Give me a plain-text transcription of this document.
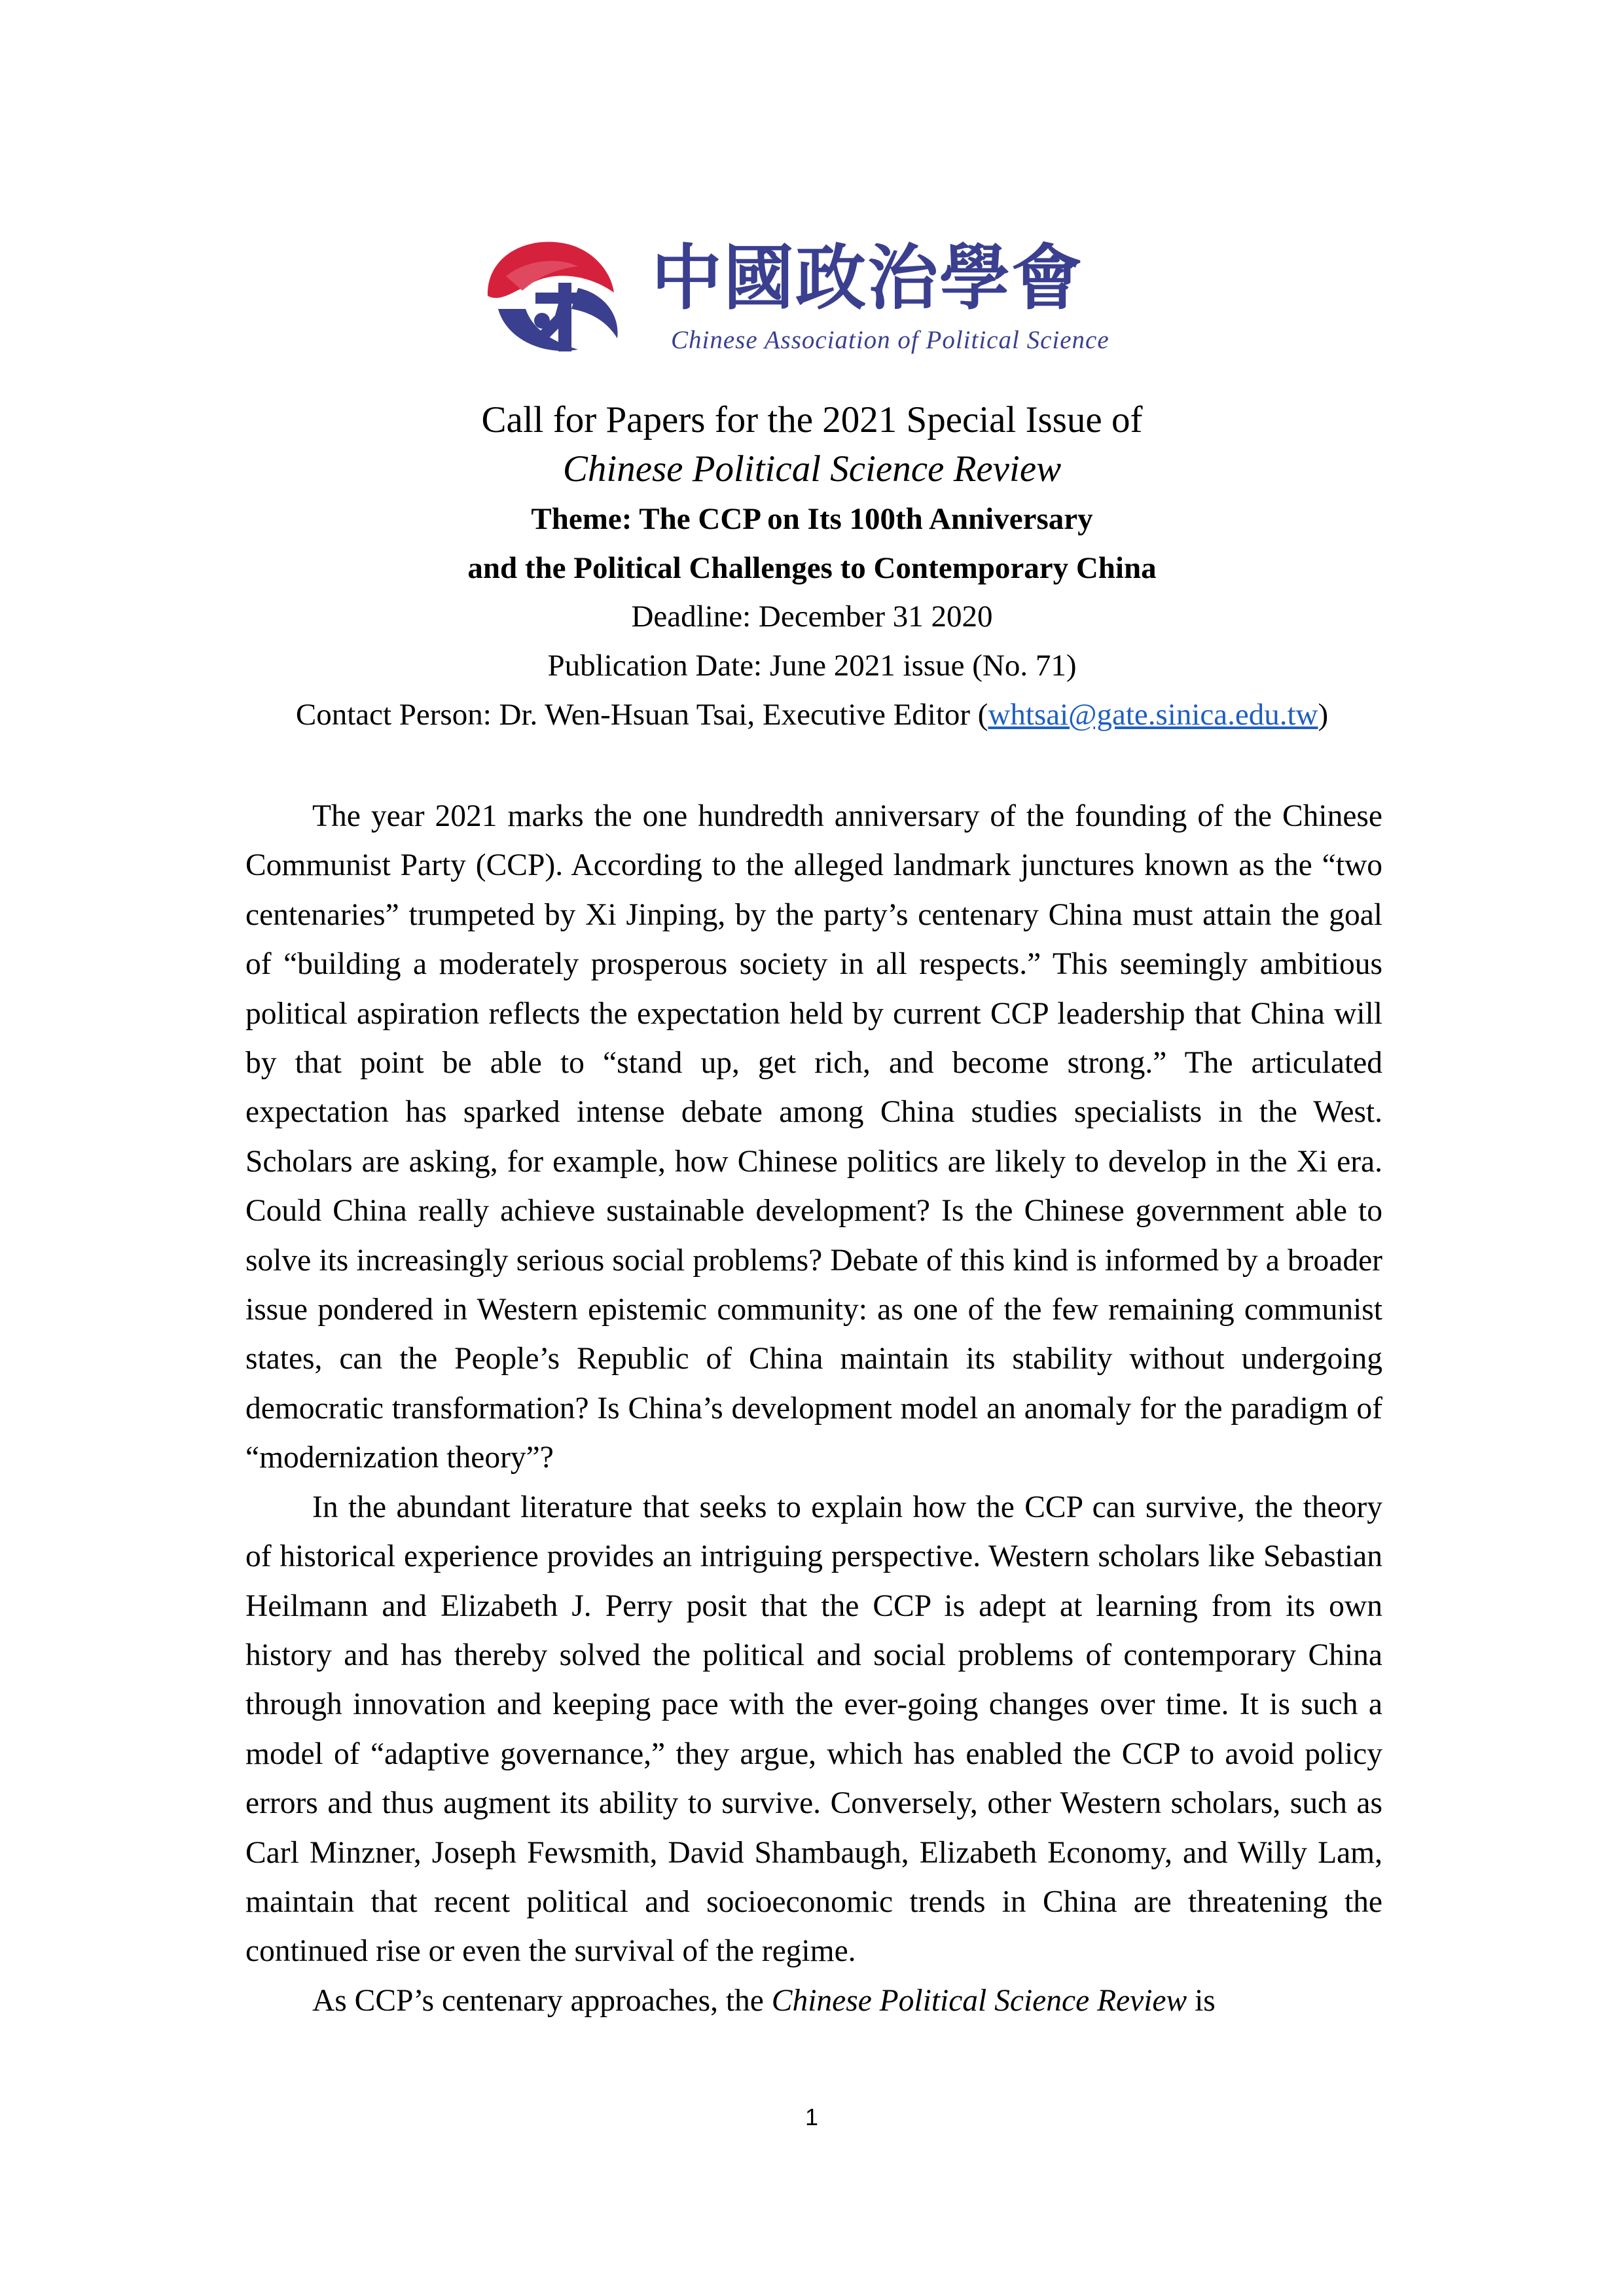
中國政治學會
Chinese Association of Political Science
Call for Papers for the 2021 Special Issue of
Chinese Political Science Review
Theme: The CCP on Its 100th Anniversary
and the Political Challenges to Contemporary China
Deadline: December 31 2020
Publication Date: June 2021 issue (No. 71)
Contact Person: Dr. Wen-Hsuan Tsai, Executive Editor (whtsai@gate.sinica.edu.tw)

The year 2021 marks the one hundredth anniversary of the founding of the Chinese Communist Party (CCP). According to the alleged landmark junctures known as the “two centenaries” trumpeted by Xi Jinping, by the party’s centenary China must attain the goal of “building a moderately prosperous society in all respects.” This seemingly ambitious political aspiration reflects the expectation held by current CCP leadership that China will by that point be able to “stand up, get rich, and become strong.” The articulated expectation has sparked intense debate among China studies specialists in the West. Scholars are asking, for example, how Chinese politics are likely to develop in the Xi era. Could China really achieve sustainable development? Is the Chinese government able to solve its increasingly serious social problems? Debate of this kind is informed by a broader issue pondered in Western epistemic community: as one of the few remaining communist states, can the People’s Republic of China maintain its stability without undergoing democratic transformation? Is China’s development model an anomaly for the paradigm of “modernization theory”?

In the abundant literature that seeks to explain how the CCP can survive, the theory of historical experience provides an intriguing perspective. Western scholars like Sebastian Heilmann and Elizabeth J. Perry posit that the CCP is adept at learning from its own history and has thereby solved the political and social problems of contemporary China through innovation and keeping pace with the ever-going changes over time. It is such a model of “adaptive governance,” they argue, which has enabled the CCP to avoid policy errors and thus augment its ability to survive. Conversely, other Western scholars, such as Carl Minzner, Joseph Fewsmith, David Shambaugh, Elizabeth Economy, and Willy Lam, maintain that recent political and socioeconomic trends in China are threatening the continued rise or even the survival of the regime.

As CCP’s centenary approaches, the Chinese Political Science Review is

1
